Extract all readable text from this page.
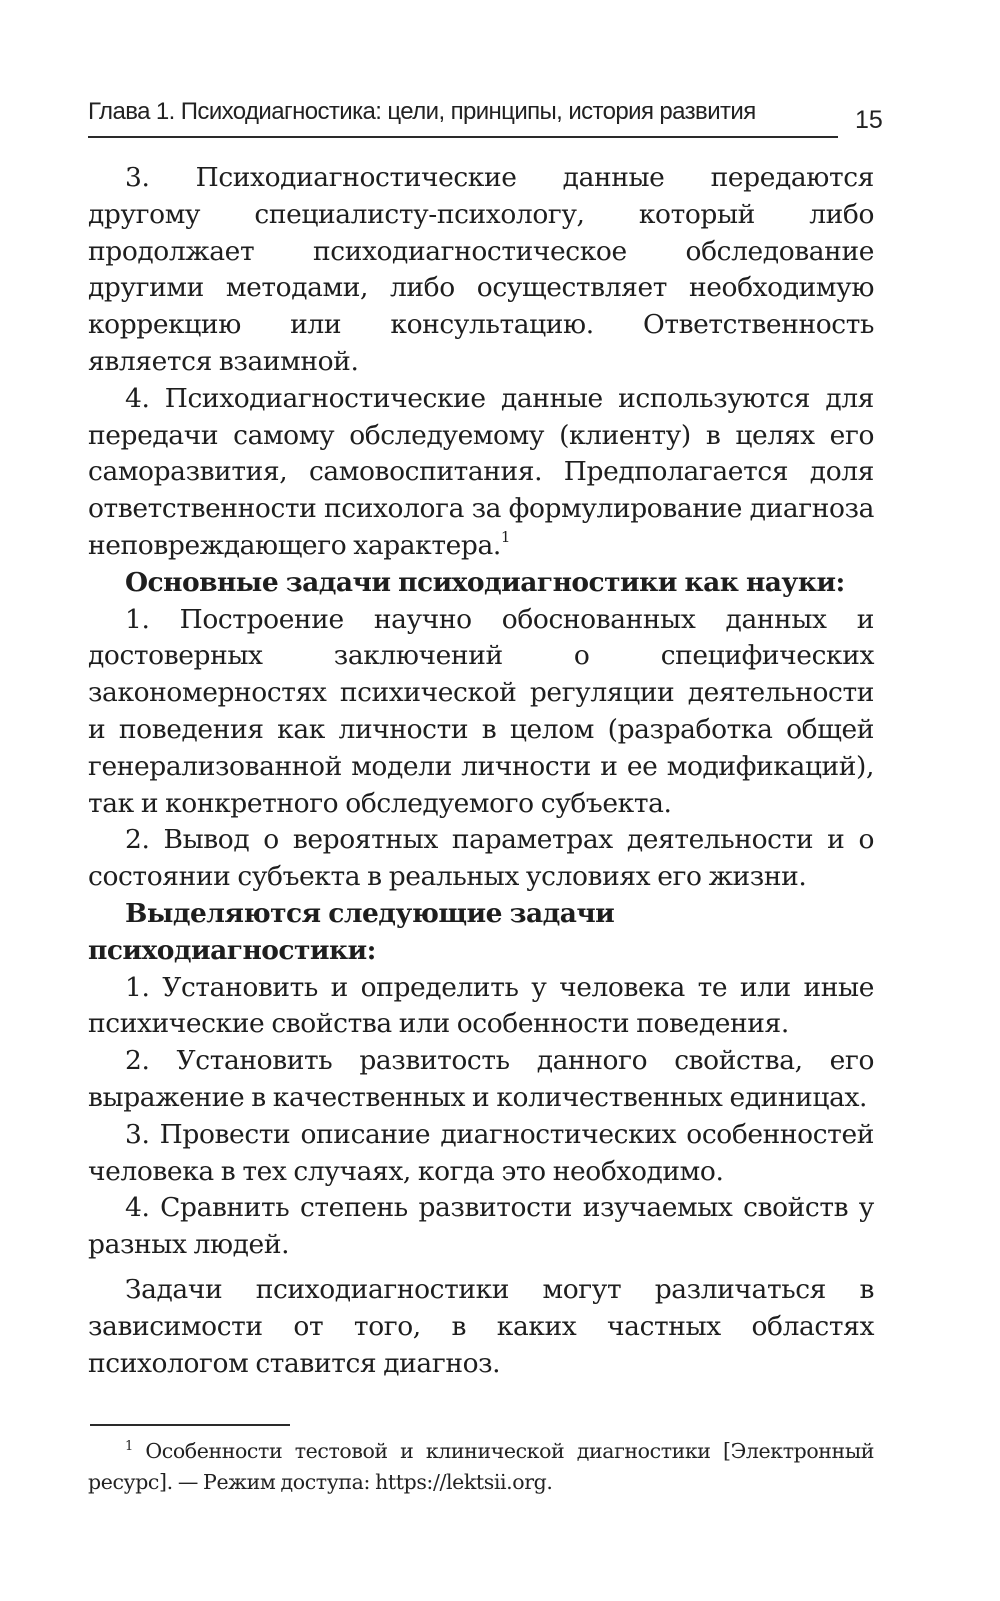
Глава 1. Психодиагностика: цели, принципы, история развития	15

3. Психодиагностические данные передаются другому специалисту-психологу, который либо продолжает психодиагностическое обследование другими методами, либо осуществляет необходимую коррекцию или консультацию. Ответственность является взаимной.

4. Психодиагностические данные используются для передачи самому обследуемому (клиенту) в целях его саморазвития, самовоспитания. Предполагается доля ответственности психолога за формулирование диагноза неповреждающего характера.$^1$

Основные задачи психодиагностики как науки:

1. Построение научно обоснованных данных и достоверных заключений о специфических закономерностях психической регуляции деятельности и поведения как личности в целом (разработка общей генерализованной модели личности и ее модификаций), так и конкретного обследуемого субъекта.

2. Вывод о вероятных параметрах деятельности и о состоянии субъекта в реальных условиях его жизни.

Выделяются следующие задачи психодиагностики:

1. Установить и определить у человека те или иные психические свойства или особенности поведения.

2. Установить развитость данного свойства, его выражение в качественных и количественных единицах.

3. Провести описание диагностических особенностей человека в тех случаях, когда это необходимо.

4. Сравнить степень развитости изучаемых свойств у разных людей.

Задачи психодиагностики могут различаться в зависимости от того, в каких частных областях психологом ставится диагноз.

$^1$ Особенности тестовой и клинической диагностики [Электронный ресурс]. — Режим доступа: https://lektsii.org.
